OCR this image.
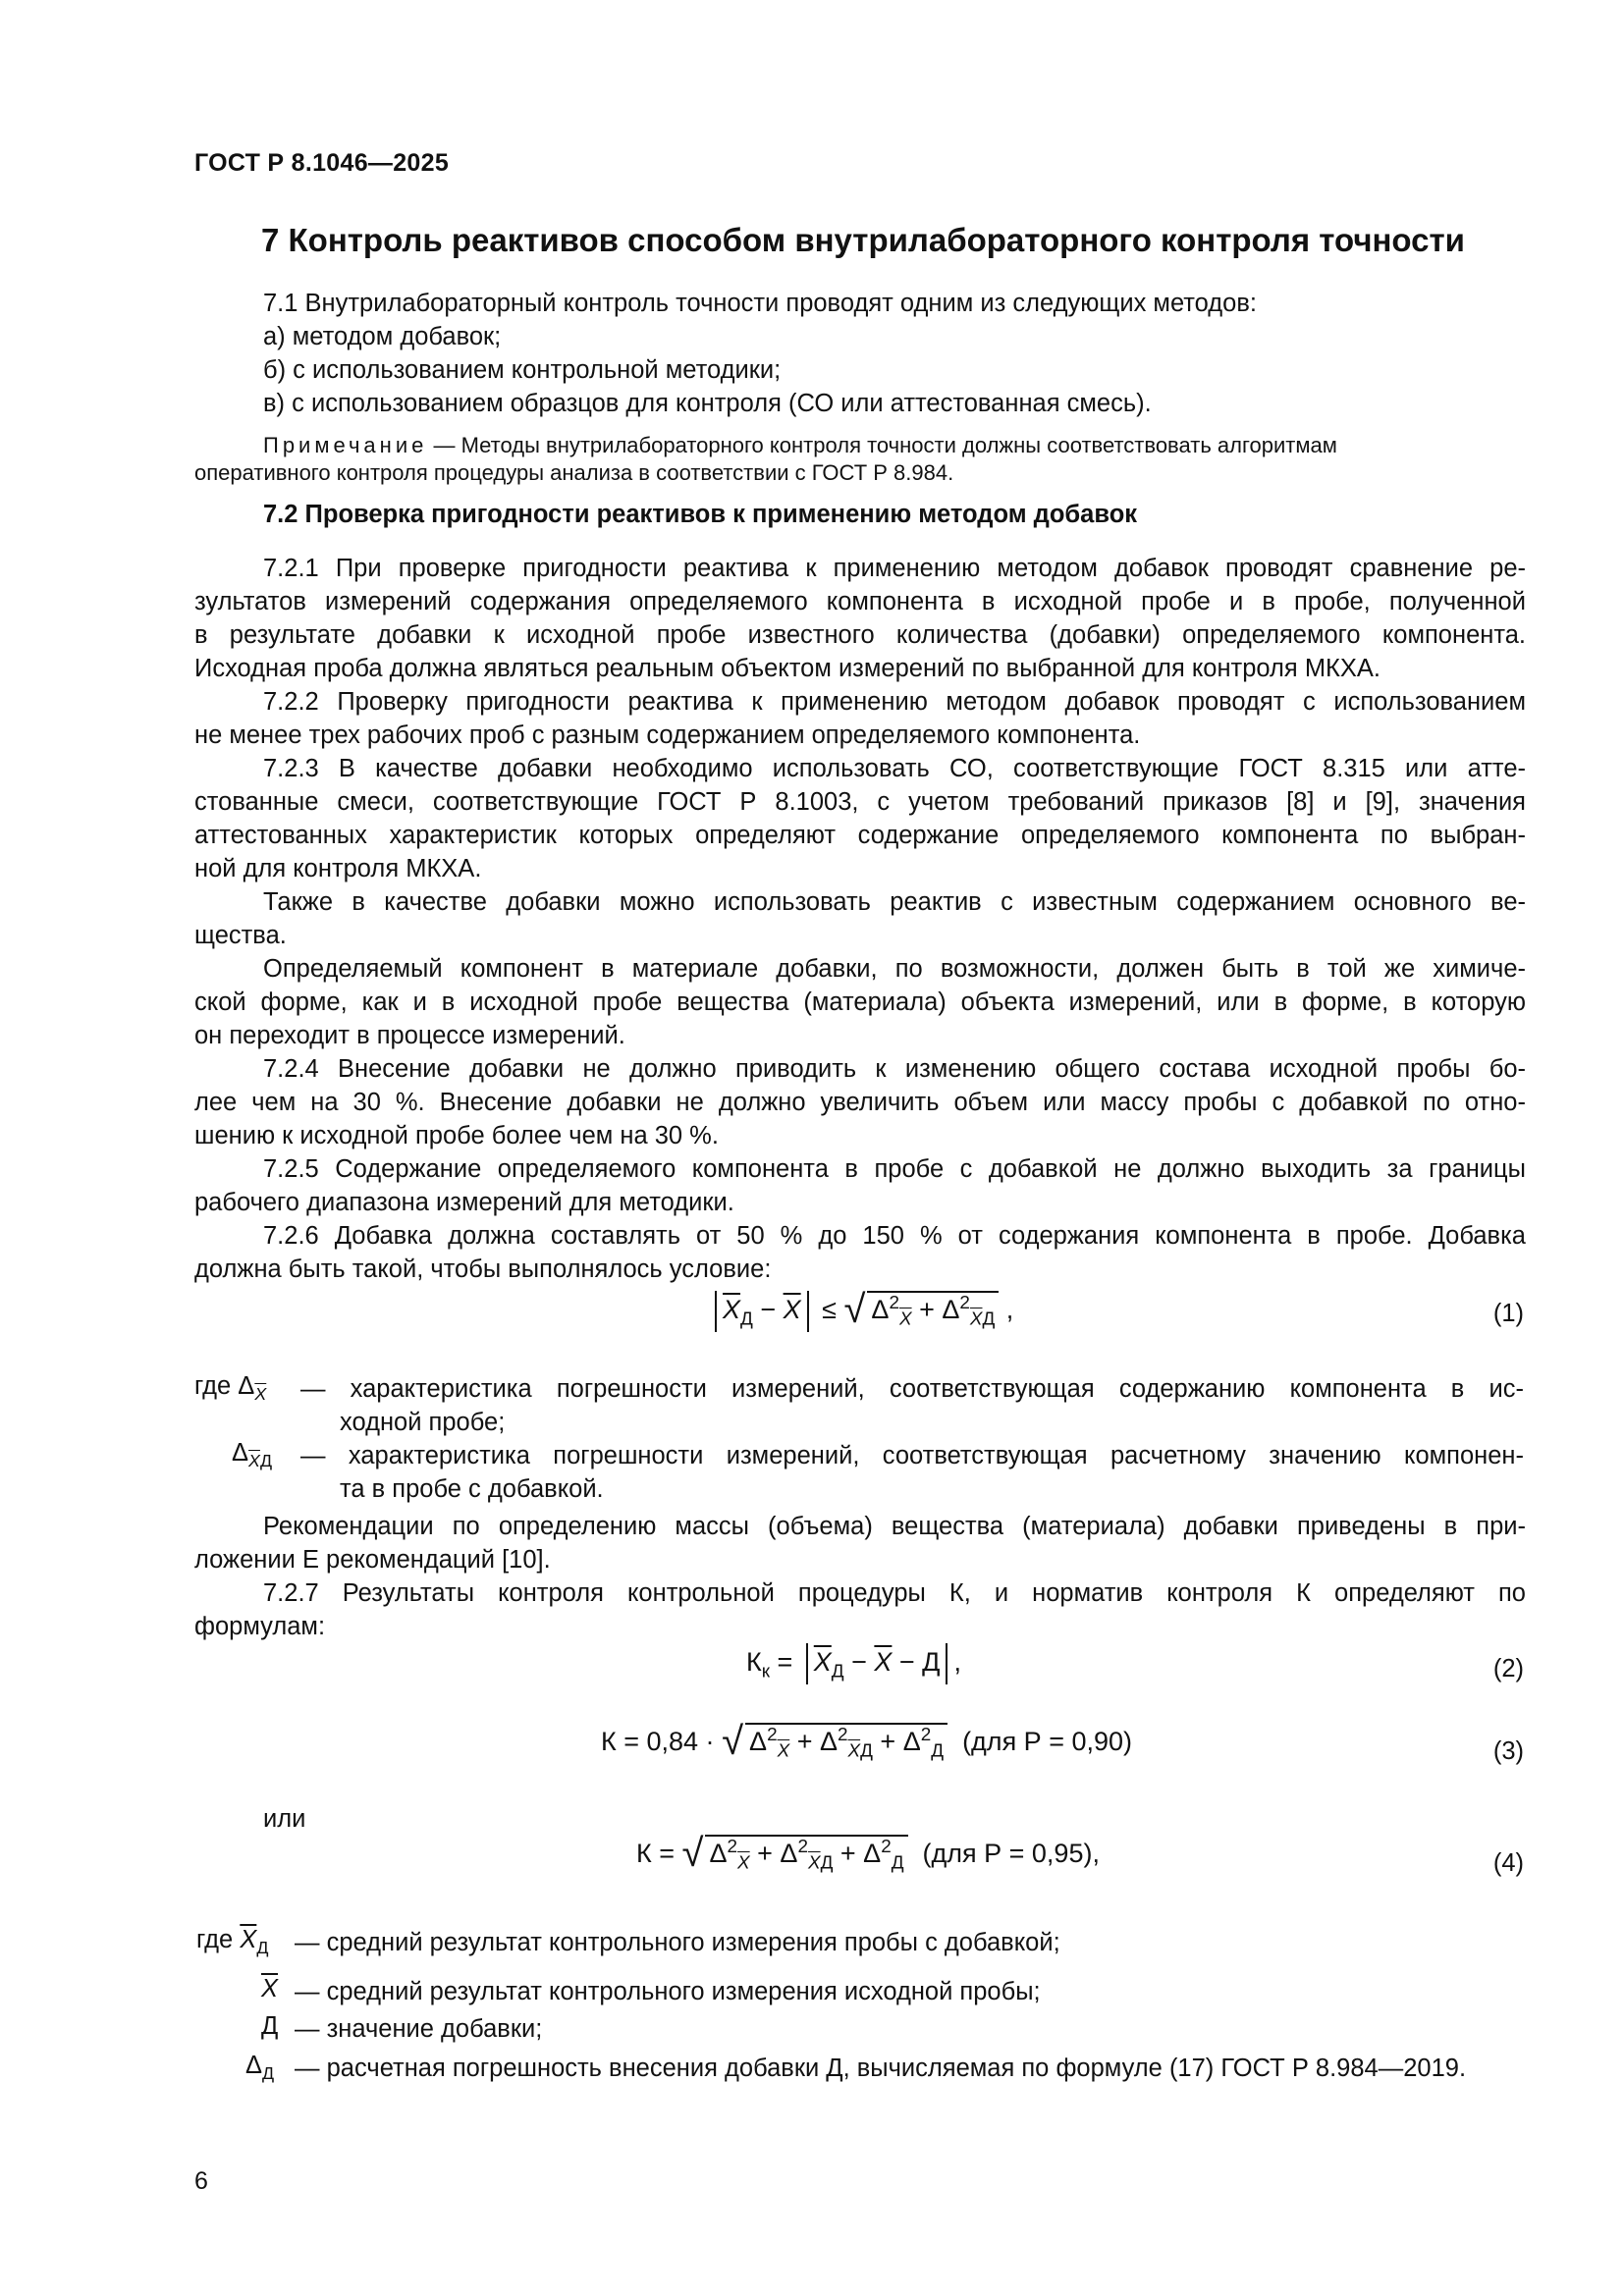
ГОСТ Р 8.1046—2025
7 Контроль реактивов способом внутрилабораторного контроля точности
7.1 Внутрилабораторный контроль точности проводят одним из следующих методов:
а) методом добавок;
б) с использованием контрольной методики;
в) с использованием образцов для контроля (СО или аттестованная смесь).
Примечание — Методы внутрилабораторного контроля точности должны соответствовать алгоритмам
оперативного контроля процедуры анализа в соответствии с ГОСТ Р 8.984.
7.2 Проверка пригодности реактивов к применению методом добавок
7.2.1 При проверке пригодности реактива к применению методом добавок проводят сравнение ре-
зультатов измерений содержания определяемого компонента в исходной пробе и в пробе, полученной
в результате добавки к исходной пробе известного количества (добавки) определяемого компонента.
Исходная проба должна являться реальным объектом измерений по выбранной для контроля МКХА.
7.2.2 Проверку пригодности реактива к применению методом добавок проводят с использованием
не менее трех рабочих проб с разным содержанием определяемого компонента.
7.2.3 В качестве добавки необходимо использовать СО, соответствующие ГОСТ 8.315 или атте-
стованные смеси, соответствующие ГОСТ Р 8.1003, с учетом требований приказов [8] и [9], значения
аттестованных характеристик которых определяют содержание определяемого компонента по выбран-
ной для контроля МКХА.
Также в качестве добавки можно использовать реактив с известным содержанием основного ве-
щества.
Определяемый компонент в материале добавки, по возможности, должен быть в той же химиче-
ской форме, как и в исходной пробе вещества (материала) объекта измерений, или в форме, в которую
он переходит в процессе измерений.
7.2.4 Внесение добавки не должно приводить к изменению общего состава исходной пробы бо-
лее чем на 30 %. Внесение добавки не должно увеличить объем или массу пробы с добавкой по отно-
шению к исходной пробе более чем на 30 %.
7.2.5 Содержание определяемого компонента в пробе с добавкой не должно выходить за границы
рабочего диапазона измерений для методики.
7.2.6 Добавка должна составлять от 50 % до 150 % от содержания компонента в пробе. Добавка
должна быть такой, чтобы выполнялось условие:
$\overline{X}_Д - \overline{X}$ ≤ √ $\Delta^2_{\overline{X}} + \Delta^2_{\overline{X}Д}$ ,	(1)
где $\Delta_{\overline{X}}$ — характеристика погрешности измерений, соответствующая содержанию компонента в ис-
ходной пробе;
$\Delta_{\overline{X}Д}$ — характеристика погрешности измерений, соответствующая расчетному значению компонен-
та в пробе с добавкой.
Рекомендации по определению массы (объема) вещества (материала) добавки приведены в при-
ложении Е рекомендаций [10].
7.2.7 Результаты контроля контрольной процедуры К, и норматив контроля К определяют по
формулам:
$К_к = \overline{X}_Д - \overline{X} - Д$ ,	(2)
К = 0,84 · √ $\Delta^2_{\overline{X}} + \Delta^2_{\overline{X}Д} + \Delta^2_Д$ (для Р = 0,90)	(3)
или
К = √ $\Delta^2_{\overline{X}} + \Delta^2_{\overline{X}Д} + \Delta^2_Д$ (для Р = 0,95),	(4)
где $\overline{X}_Д$ — средний результат контрольного измерения пробы с добавкой;
$\overline{X}$ — средний результат контрольного измерения исходной пробы;
Д — значение добавки;
$\Delta_Д$ — расчетная погрешность внесения добавки Д, вычисляемая по формуле (17) ГОСТ Р 8.984—2019.
6
